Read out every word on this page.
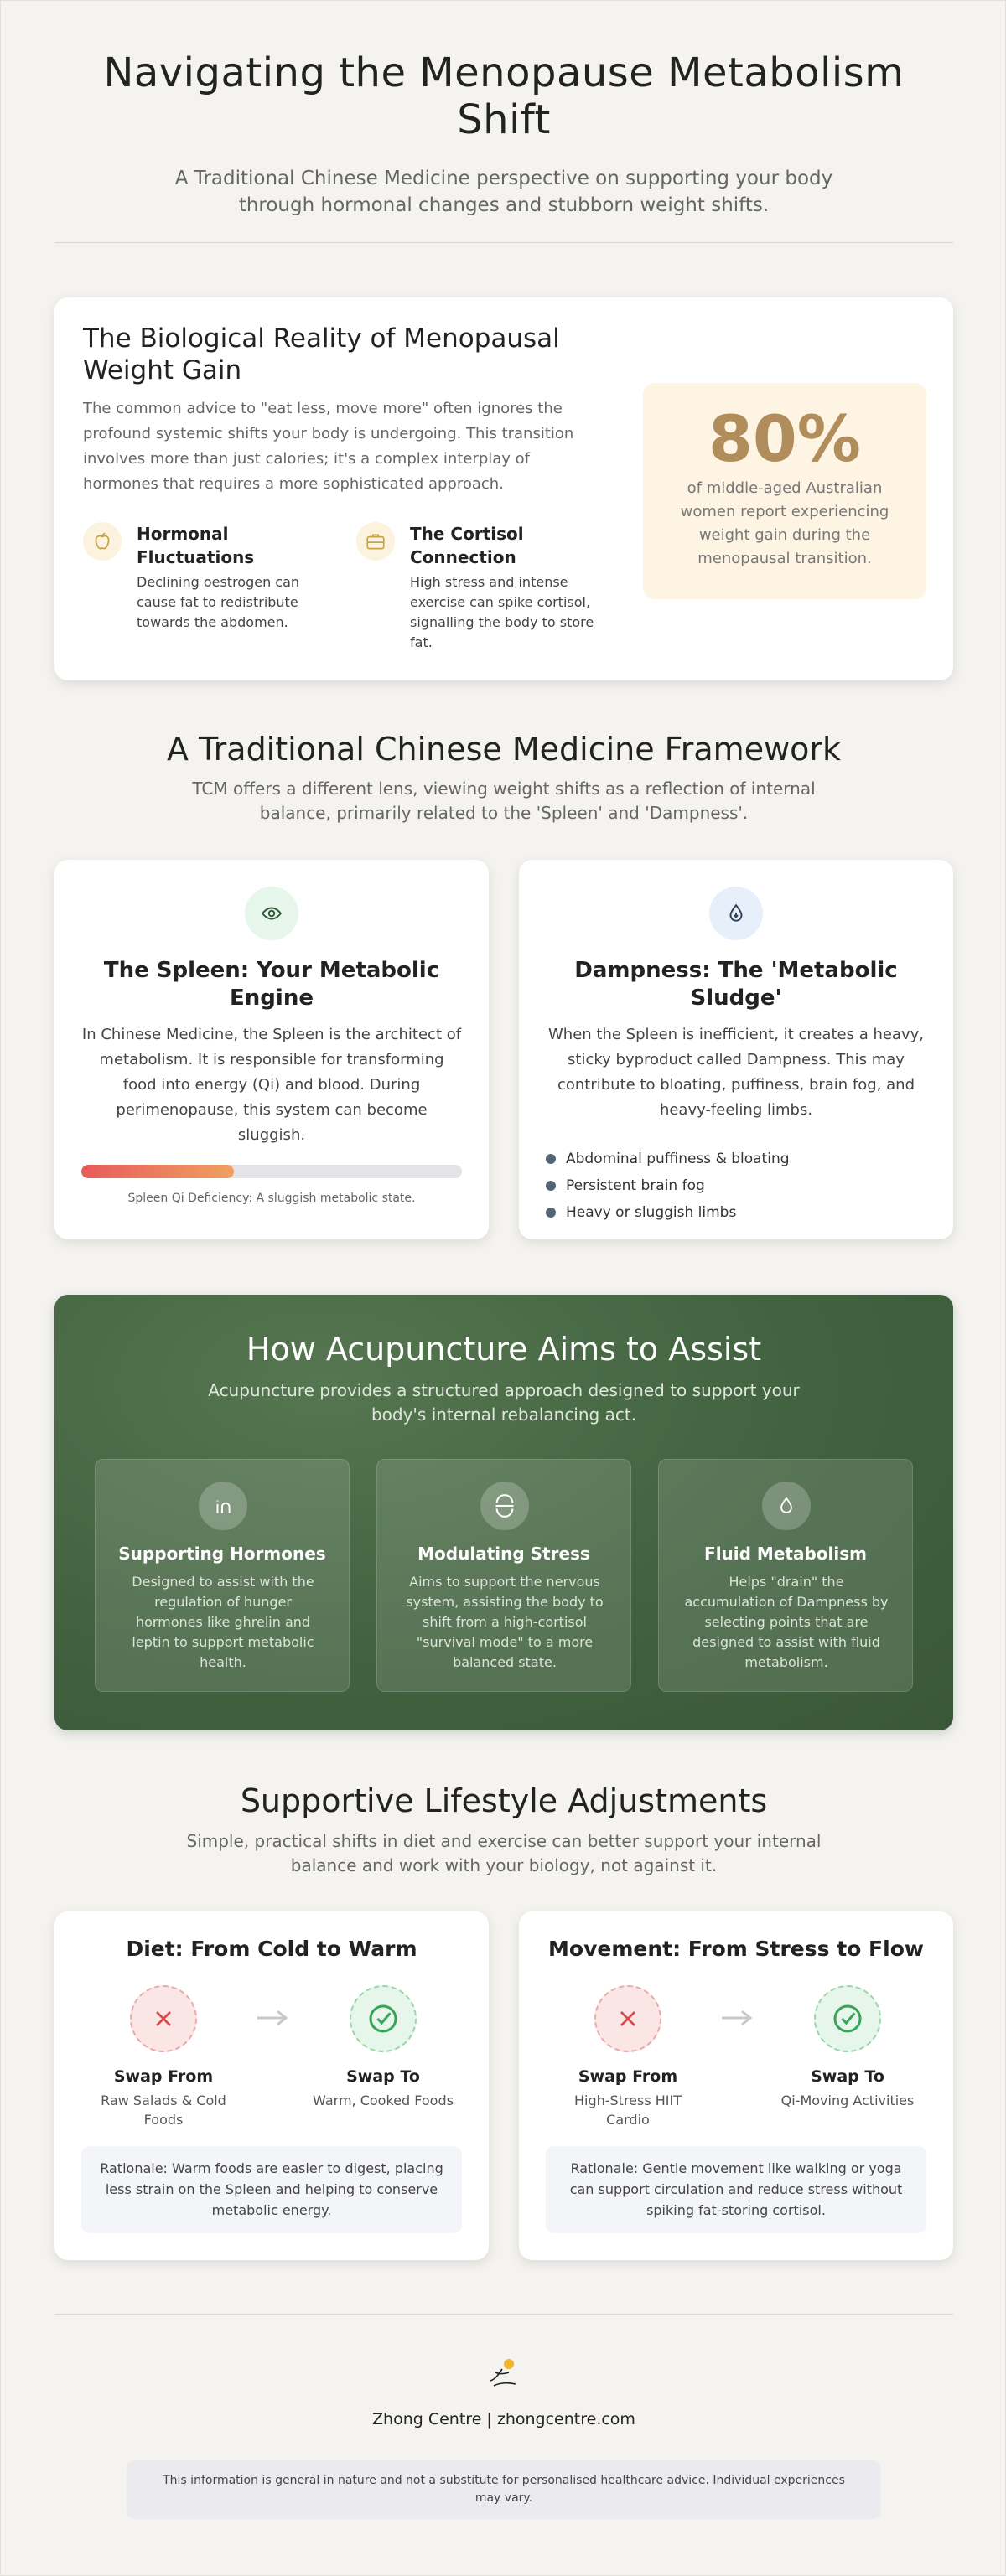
Navigating the Menopause Metabolism Shift

A Traditional Chinese Medicine perspective on supporting your body through hormonal changes and stubborn weight shifts.

The Biological Reality of Menopausal Weight Gain

The common advice to "eat less, move more" often ignores the profound systemic shifts your body is undergoing. This transition involves more than just calories; it's a complex interplay of hormones that requires a more sophisticated approach.

Hormonal Fluctuations

Declining oestrogen can cause fat to redistribute towards the abdomen.

The Cortisol Connection

High stress and intense exercise can spike cortisol, signalling the body to store fat.

80%
of middle-aged Australian women report experiencing weight gain during the menopausal transition.
A Traditional Chinese Medicine Framework
TCM offers a different lens, viewing weight shifts as a reflection of internal balance, primarily related to the 'Spleen' and 'Dampness'.
The Spleen: Your Metabolic Engine

In Chinese Medicine, the Spleen is the architect of metabolism. It is responsible for transforming food into energy (Qi) and blood. During perimenopause, this system can become sluggish.

Spleen Qi Deficiency: A sluggish metabolic state.
Dampness: The 'Metabolic Sludge'

When the Spleen is inefficient, it creates a heavy, sticky byproduct called Dampness. This may contribute to bloating, puffiness, brain fog, and heavy-feeling limbs.

Abdominal puffiness & bloating
Persistent brain fog
Heavy or sluggish limbs
How Acupuncture Aims to Assist
Acupuncture provides a structured approach designed to support your body's internal rebalancing act.
Supporting Hormones

Designed to assist with the regulation of hunger hormones like ghrelin and leptin to support metabolic health.

Modulating Stress

Aims to support the nervous system, assisting the body to shift from a high-cortisol "survival mode" to a more balanced state.

Fluid Metabolism

Helps "drain" the accumulation of Dampness by selecting points that are designed to assist with fluid metabolism.

Supportive Lifestyle Adjustments
Simple, practical shifts in diet and exercise can better support your internal balance and work with your biology, not against it.
Diet: From Cold to Warm
Swap From
Raw Salads & Cold Foods
Swap To
Warm, Cooked Foods
Rationale: Warm foods are easier to digest, placing less strain on the Spleen and helping to conserve metabolic energy.
Movement: From Stress to Flow
Swap From
High-Stress HIIT Cardio
Swap To
Qi-Moving Activities
Rationale: Gentle movement like walking or yoga can support circulation and reduce stress without spiking fat-storing cortisol.
Zhong Centre | zhongcentre.com
This information is general in nature and not a substitute for personalised healthcare advice. Individual experiences may vary.
